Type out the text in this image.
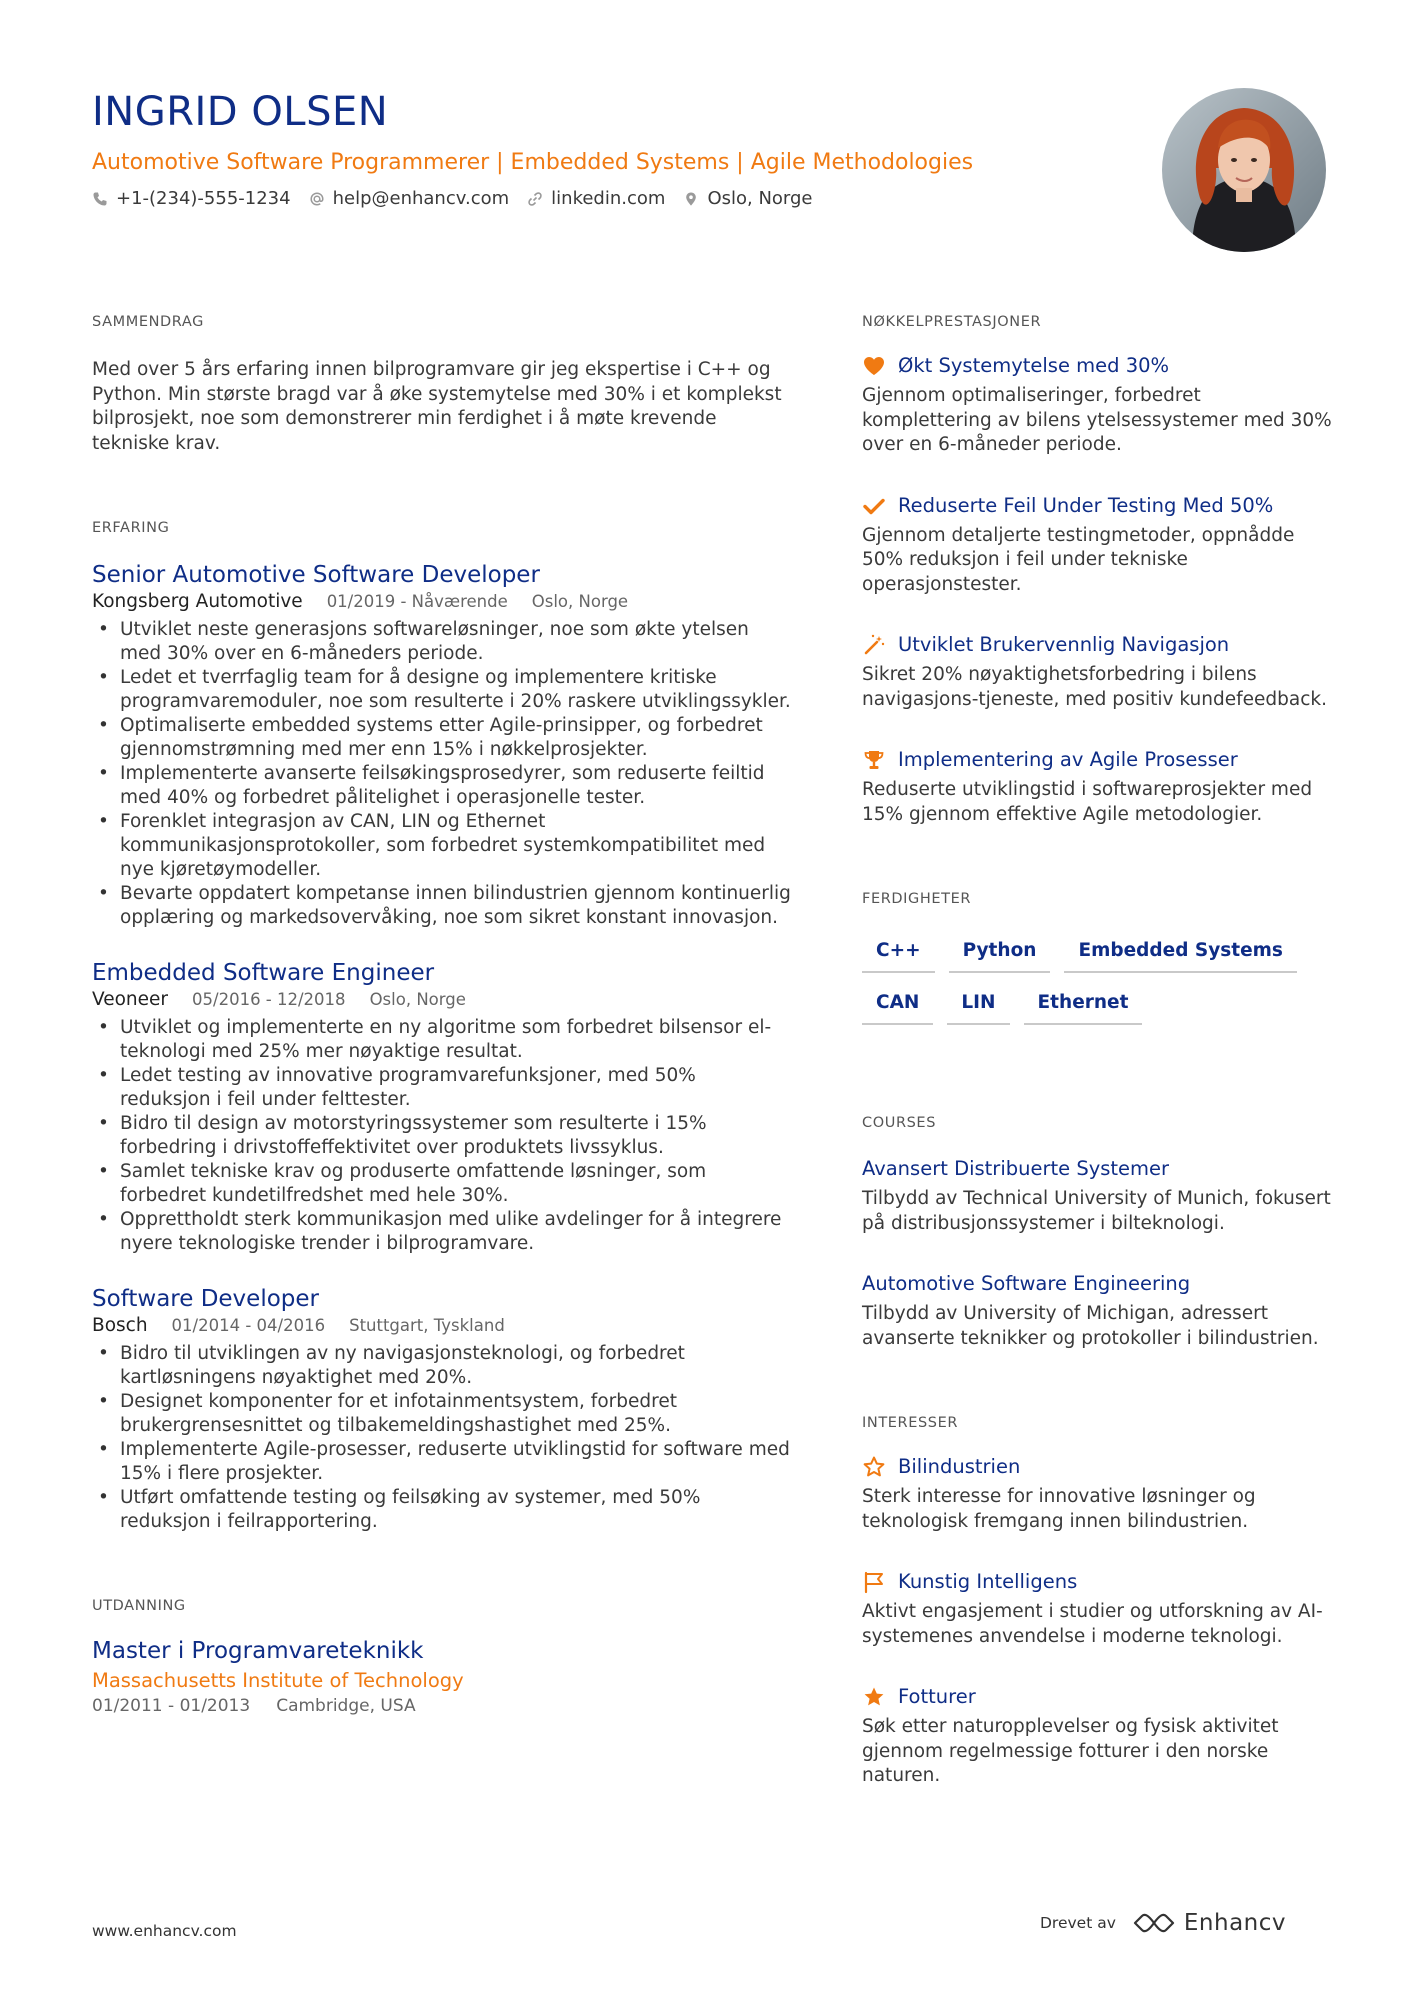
INGRID OLSEN
Automotive Software Programmerer | Embedded Systems | Agile Methodologies
+1-(234)-555-1234 help@enhancv.com linkedin.com Oslo, Norge
SAMMENDRAG
Med over 5 års erfaring innen bilprogramvare gir jeg ekspertise i C++ og Python. Min største bragd var å øke systemytelse med 30% i et komplekst bilprosjekt, noe som demonstrerer min ferdighet i å møte krevende tekniske krav.
ERFARING
Senior Automotive Software Developer
Kongsberg Automotive 01/2019 - Nåværende Oslo, Norge
• Utviklet neste generasjons softwareløsninger, noe som økte ytelsen med 30% over en 6-måneders periode.
• Ledet et tverrfaglig team for å designe og implementere kritiske programvaremoduler, noe som resulterte i 20% raskere utviklingssykler.
• Optimaliserte embedded systems etter Agile-prinsipper, og forbedret gjennomstrømning med mer enn 15% i nøkkelprosjekter.
• Implementerte avanserte feilsøkingsprosedyrer, som reduserte feiltid med 40% og forbedret pålitelighet i operasjonelle tester.
• Forenklet integrasjon av CAN, LIN og Ethernet kommunikasjonsprotokoller, som forbedret systemkompatibilitet med nye kjøretøymodeller.
• Bevarte oppdatert kompetanse innen bilindustrien gjennom kontinuerlig opplæring og markedsovervåking, noe som sikret konstant innovasjon.
Embedded Software Engineer
Veoneer 05/2016 - 12/2018 Oslo, Norge
• Utviklet og implementerte en ny algoritme som forbedret bilsensor el-teknologi med 25% mer nøyaktige resultat.
• Ledet testing av innovative programvarefunksjoner, med 50% reduksjon i feil under felttester.
• Bidro til design av motorstyringssystemer som resulterte i 15% forbedring i drivstoffeffektivitet over produktets livssyklus.
• Samlet tekniske krav og produserte omfattende løsninger, som forbedret kundetilfredshet med hele 30%.
• Opprettholdt sterk kommunikasjon med ulike avdelinger for å integrere nyere teknologiske trender i bilprogramvare.
Software Developer
Bosch 01/2014 - 04/2016 Stuttgart, Tyskland
• Bidro til utviklingen av ny navigasjonsteknologi, og forbedret kartløsningens nøyaktighet med 20%.
• Designet komponenter for et infotainmentsystem, forbedret brukergrensesnittet og tilbakemeldingshastighet med 25%.
• Implementerte Agile-prosesser, reduserte utviklingstid for software med 15% i flere prosjekter.
• Utført omfattende testing og feilsøking av systemer, med 50% reduksjon i feilrapportering.
UTDANNING
Master i Programvareteknikk
Massachusetts Institute of Technology
01/2011 - 01/2013 Cambridge, USA
NØKKELPRESTASJONER
Økt Systemytelse med 30%
Gjennom optimaliseringer, forbedret komplettering av bilens ytelsessystemer med 30% over en 6-måneder periode.
Reduserte Feil Under Testing Med 50%
Gjennom detaljerte testingmetoder, oppnådde 50% reduksjon i feil under tekniske operasjonstester.
Utviklet Brukervennlig Navigasjon
Sikret 20% nøyaktighetsforbedring i bilens navigasjons-tjeneste, med positiv kundefeedback.
Implementering av Agile Prosesser
Reduserte utviklingstid i softwareprosjekter med 15% gjennom effektive Agile metodologier.
FERDIGHETER
C++	Python	Embedded Systems
CAN	LIN	Ethernet
COURSES
Avansert Distribuerte Systemer
Tilbydd av Technical University of Munich, fokusert på distribusjonssystemer i bilteknologi.
Automotive Software Engineering
Tilbydd av University of Michigan, adressert avanserte teknikker og protokoller i bilindustrien.
INTERESSER
Bilindustrien
Sterk interesse for innovative løsninger og teknologisk fremgang innen bilindustrien.
Kunstig Intelligens
Aktivt engasjement i studier og utforskning av AI-systemenes anvendelse i moderne teknologi.
Fotturer
Søk etter naturopplevelser og fysisk aktivitet gjennom regelmessige fotturer i den norske naturen.
www.enhancv.com	Drevet av	Enhancv
